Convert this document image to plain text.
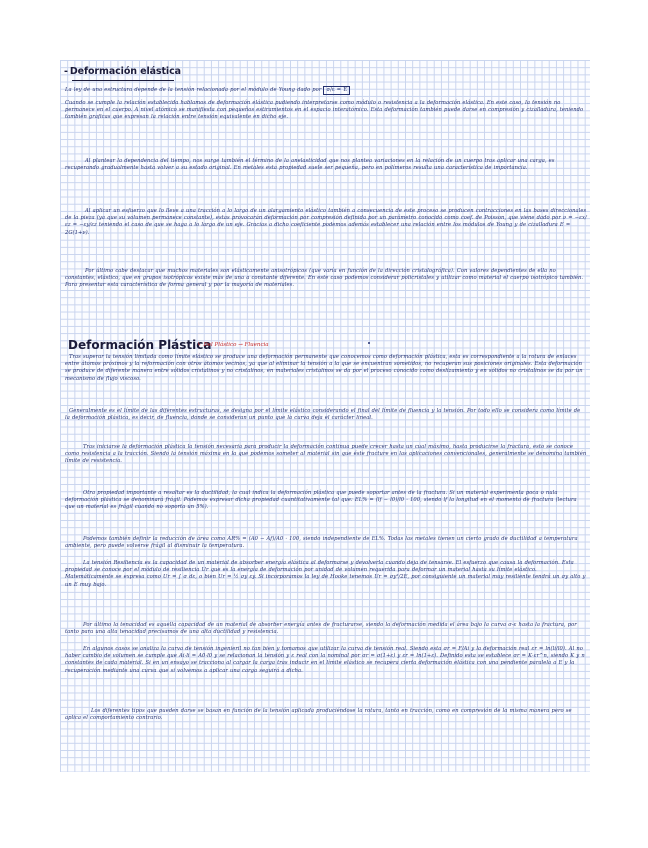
- Deformación elástica
La ley de una estructura depende de la tensión relacionada por el módulo de Young dado por σ/ε = E
Cuando se cumple la relación establecida hablamos de deformación elástica pudiendo interpretarse como módulo o resistencia a la deformación elástica. En este caso, la tensión no permanece en el cuerpo. A nivel atómico se manifiesta con pequeños estiramientos en el espacio interatómico. Esta deformación también puede darse en compresión y cizalladura, teniendo también graficas que expresan la relación entre tensión equivalente en dicho eje.
Al plantear la dependencia del tiempo, nos surge también el término de la anelasticidad que nos plantea variaciones en la relación de un cuerpo tras aplicar una carga, es recuperando gradualmente hasta volver a su estado original. En metales esta propiedad suele ser pequeña, pero en polímeros resulta una característica de importancia.
Al aplicar un esfuerzo que lo lleve a una tracción a lo largo de un alargamiento elástico también a consecuencia de este proceso se producen contracciones en las bases direccionales de la pieza (ya que su volumen permanece constante), estas provocarán deformación por compresión definida por un parámetro conocido como coef. de Poisson, que viene dado por ν = −εx/εz = −εy/εz teniendo el caso de que se haga a lo largo de un eje. Gracias a dicho coeficiente podemos además establecer una relación entre los módulos de Young y de cizalladura E = 2G(1+ν).
Por último cabe destacar que muchos materiales son elásticamente anisotrópicos (que varía en función de la dirección cristalográfica). Con valores dependientes de ella no constantes, elástico, que en grupos isotrópicos existe más de una a constante diferente. En este caso podemos considerar policristales y utilizar como material el cuerpo isotrópico también. Para presentar esta característica de forma general y por la mayoría de materiales.
Deformación Plástica
↳ Del Plástico → Fluencia
Tras superar la tensión limitada como límite elástico se produce una deformación permanente que conocemos como deformación plástica, esta es correspondiente a la rotura de enlaces entre átomos próximos y la reformación con otros átomos vecinos, ya que al eliminar la tensión a la que se encuentran sometidos, no recuperan sus posiciones originales. Esta deformación se produce de diferente manera entre sólidos cristalinos y no cristalinos, en materiales cristalinos se da por el proceso conocido como deslizamiento y en sólidos no cristalinos se da por un mecanismo de flujo viscoso.
Generalmente es el límite de las diferentes estructuras, se designa por el límite elástico considerando el final del límite de fluencia y la tensión. Por todo ello se considera como límite de la deformación plástica, es decir, de fluencia, donde se consideran un punto que la curva deja el carácter lineal.
Tras iniciarse la deformación plástica la tensión necesaria para producir la deformación continua puede crecer hasta un cual máximo, hasta producirse la fractura, esto se conoce como resistencia a la tracción. Siendo la tensión máxima en la que podemos someter al material sin que éste fracture en las aplicaciones convencionales, generalmente se denomina también límite de resistencia.
Otra propiedad importante a resaltar es la ductilidad, la cual indica la deformación plástica que puede soportar antes de la fractura. Si un material experimenta poca o nula deformación plástica se denominará frágil. Podemos expresar dicha propiedad cuantitativamente tal que: EL% = (lf − l0)/l0 · 100, siendo lf la longitud en el momento de fractura (lectura que un material es frágil cuando no soporta un 5%).
Podemos también definir la reducción de área como AR% = (A0 − Af)/A0 · 100, siendo independiente de EL%. Todas las metales tienen un cierto grado de ductilidad a temperatura ambiente, pero puede volverse frágil al disminuir la temperatura.
La tensión Resiliencia es la capacidad de un material de absorber energía elástica al deformarse y devolverla cuando deja de tensarse. El esfuerzo que causa la deformación. Esta propiedad se conoce por el módulo de resiliencia Ur que es la energía de deformación por unidad de volumen requerida para deformar un material hasta su límite elástico. Matemáticamente se expresa como Ur = ∫ σ dε, o bien Ur = ½ σy εy. Si incorporamos la ley de Hooke tenemos Ur = σy²/2E, por consiguiente un material muy resiliente tendrá un σy alto y un E muy bajo.
Por último la tenacidad es aquella capacidad de un material de absorber energía antes de fracturarse, siendo la deformación medida el área bajo la curva σ-ε hasta la fractura, por tanto para una alta tenacidad precisamos de una alta ductilidad y resistencia.
En algunos casos se analiza la curva de tensión ingenieril no tan bien y tomamos que utilizar la curva de tensión real. Siendo esta σr = F/Ai y la deformación real εr = ln(li/l0). Al no haber cambio de volumen se cumple que Ai·li = A0·l0 y se relacionan la tensión y ε real con la nominal por σr = σ(1+ε) y εr = ln(1+ε). Definido esta se establece σr = K·εr^n, siendo K y n constantes de cada material. Si en un ensayo se tracciona al cargar la carga tras inducir en el límite elástico se recupera cierta deformación elástica con una pendiente paralela a E y la recuperación mediante una curva que si volvemos a aplicar una carga seguirá a dicha.
Los diferentes tipos que pueden darse se basan en función de la tensión aplicada produciéndose la rotura, tanto en tracción, como en compresión de la misma manera pero se aplica el comportamiento contrario.
